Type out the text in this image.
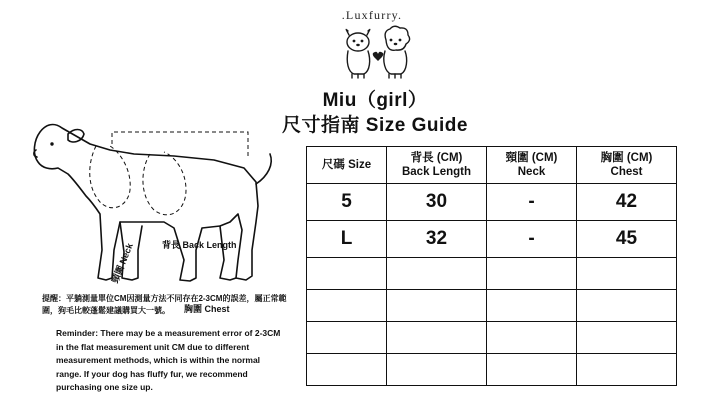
.Luxfurry.
Miu（girl）
尺寸指南 Size Guide
背長 Back Length
頸圍 Neck
胸圍 Chest
提醒：平躺測量單位CM因測量方法不同存在2-3CM的誤差，屬正常範圍，狗毛比較蓬鬆建議購買大一號。
Reminder: There may be a measurement error of 2-3CM in the flat measurement unit CM due to different measurement methods, which is within the normal range. If your dog has fluffy fur, we recommend purchasing one size up.
尺碼 Size

背長 (CM)
Back Length

頸圍 (CM)
Neck

胸圍 (CM)
Chest

5	30	-	42
L	32	-	45
